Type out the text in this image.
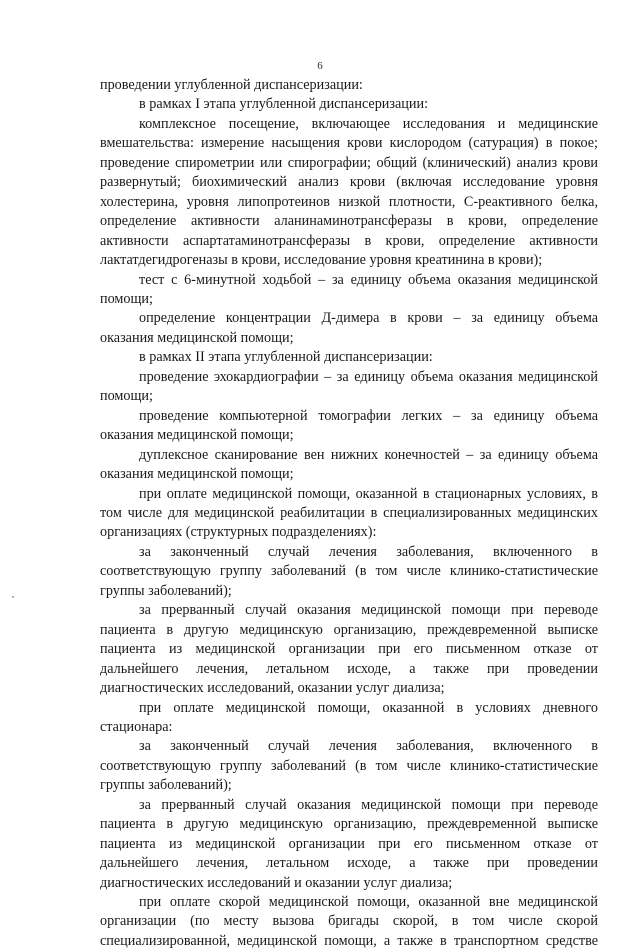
6

проведении углубленной диспансеризации:

в рамках I этапа углубленной диспансеризации:

комплексное посещение, включающее исследования и медицинские вмешательства: измерение насыщения крови кислородом (сатурация) в покое; проведение спирометрии или спирографии; общий (клинический) анализ крови развернутый; биохимический анализ крови (включая исследование уровня холестерина, уровня липопротеинов низкой плотности, С-реактивного белка, определение активности аланинаминотрансферазы в крови, определение активности аспартатаминотрансферазы в крови, определение активности лактатдегидрогеназы в крови, исследование уровня креатинина в крови);

тест с 6-минутной ходьбой – за единицу объема оказания медицинской помощи;

определение концентрации Д-димера в крови – за единицу объема оказания медицинской помощи;

в рамках II этапа углубленной диспансеризации:

проведение эхокардиографии – за единицу объема оказания медицинской помощи;

проведение компьютерной томографии легких – за единицу объема оказания медицинской помощи;

дуплексное сканирование вен нижних конечностей – за единицу объема оказания медицинской помощи;

при оплате медицинской помощи, оказанной в стационарных условиях, в том числе для медицинской реабилитации в специализированных медицинских организациях (структурных подразделениях):

за законченный случай лечения заболевания, включенного в соответствующую группу заболеваний (в том числе клинико-статистические группы заболеваний);

за прерванный случай оказания медицинской помощи при переводе пациента в другую медицинскую организацию, преждевременной выписке пациента из медицинской организации при его письменном отказе от дальнейшего лечения, летальном исходе, а также при проведении диагностических исследований, оказании услуг диализа;

при оплате медицинской помощи, оказанной в условиях дневного стационара:

за законченный случай лечения заболевания, включенного в соответствующую группу заболеваний (в том числе клинико-статистические группы заболеваний);

за прерванный случай оказания медицинской помощи при переводе пациента в другую медицинскую организацию, преждевременной выписке пациента из медицинской организации при его письменном отказе от дальнейшего лечения, летальном исходе, а также при проведении диагностических исследований и оказании услуг диализа;

при оплате скорой медицинской помощи, оказанной вне медицинской организации (по месту вызова бригады скорой, в том числе скорой специализированной, медицинской помощи, а также в транспортном средстве
